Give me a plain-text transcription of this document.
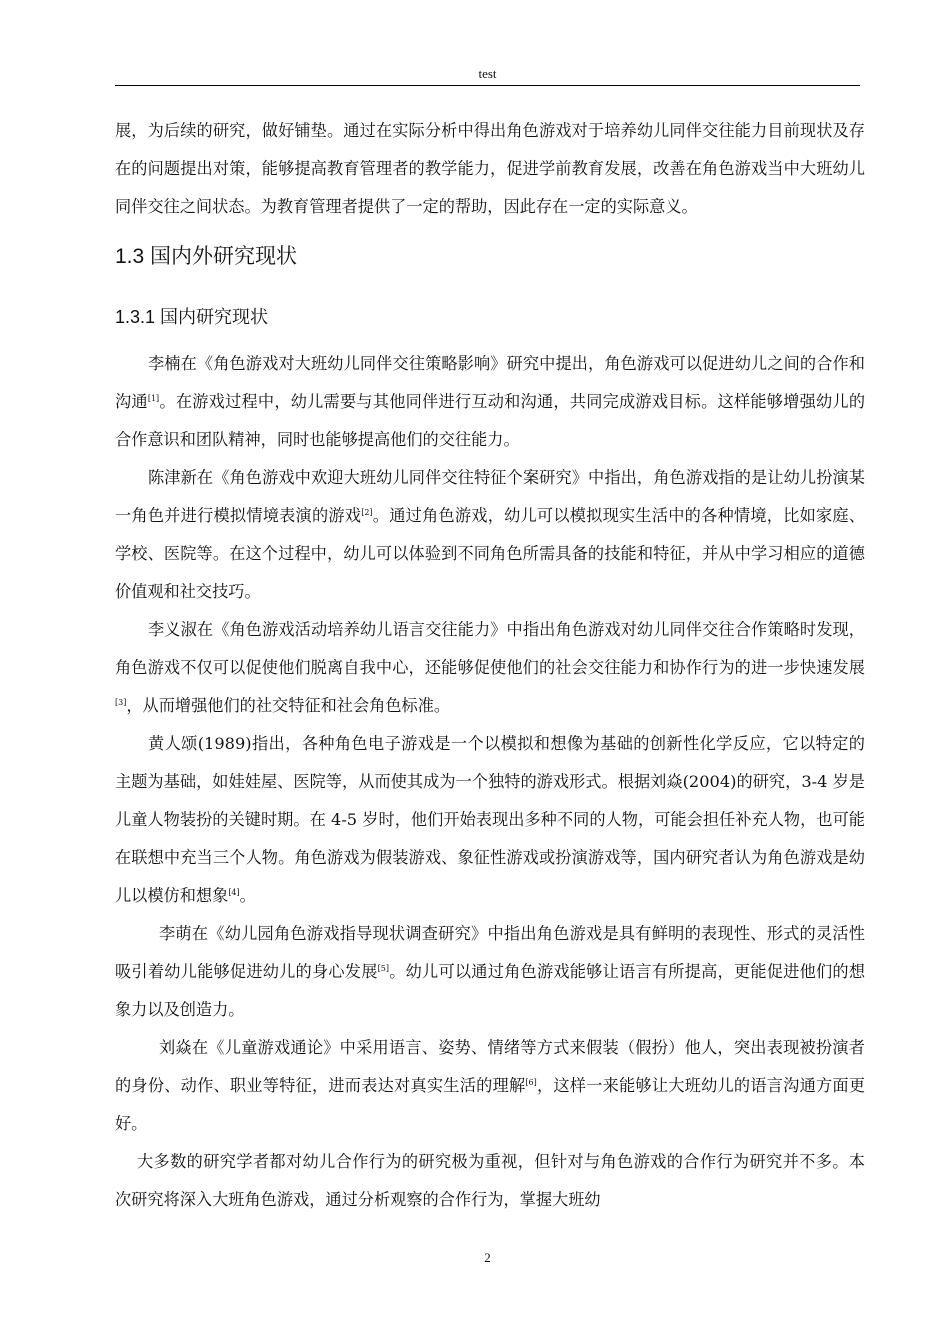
test

展，为后续的研究，做好铺垫。通过在实际分析中得出角色游戏对于培养幼儿同伴交往能力目前现状及存在的问题提出对策，能够提高教育管理者的教学能力，促进学前教育发展，改善在角色游戏当中大班幼儿同伴交往之间状态。为教育管理者提供了一定的帮助，因此存在一定的实际意义。

1.3 国内外研究现状
1.3.1 国内研究现状

李楠在《角色游戏对大班幼儿同伴交往策略影响》研究中提出，角色游戏可以促进幼儿之间的合作和沟通[1]。在游戏过程中，幼儿需要与其他同伴进行互动和沟通，共同完成游戏目标。这样能够增强幼儿的合作意识和团队精神，同时也能够提高他们的交往能力。

陈津新在《角色游戏中欢迎大班幼儿同伴交往特征个案研究》中指出，角色游戏指的是让幼儿扮演某一角色并进行模拟情境表演的游戏[2]。通过角色游戏，幼儿可以模拟现实生活中的各种情境，比如家庭、学校、医院等。在这个过程中，幼儿可以体验到不同角色所需具备的技能和特征，并从中学习相应的道德价值观和社交技巧。

李义淑在《角色游戏活动培养幼儿语言交往能力》中指出角色游戏对幼儿同伴交往合作策略时发现，角色游戏不仅可以促使他们脱离自我中心，还能够促使他们的社会交往能力和协作行为的进一步快速发展[3]，从而增强他们的社交特征和社会角色标准。

黄人颂(1989)指出，各种角色电子游戏是一个以模拟和想像为基础的创新性化学反应，它以特定的主题为基础，如娃娃屋、医院等，从而使其成为一个独特的游戏形式。根据刘焱(2004)的研究，3-4 岁是儿童人物装扮的关键时期。在 4-5 岁时，他们开始表现出多种不同的人物，可能会担任补充人物，也可能在联想中充当三个人物。角色游戏为假装游戏、象征性游戏或扮演游戏等，国内研究者认为角色游戏是幼儿以模仿和想象[4]。

李萌在《幼儿园角色游戏指导现状调查研究》中指出角色游戏是具有鲜明的表现性、形式的灵活性吸引着幼儿能够促进幼儿的身心发展[5]。幼儿可以通过角色游戏能够让语言有所提高，更能促进他们的想象力以及创造力。

刘焱在《儿童游戏通论》中采用语言、姿势、情绪等方式来假装（假扮）他人，突出表现被扮演者的身份、动作、职业等特征，进而表达对真实生活的理解[6]，这样一来能够让大班幼儿的语言沟通方面更好。

大多数的研究学者都对幼儿合作行为的研究极为重视，但针对与角色游戏的合作行为研究并不多。本次研究将深入大班角色游戏，通过分析观察的合作行为，掌握大班幼

2
